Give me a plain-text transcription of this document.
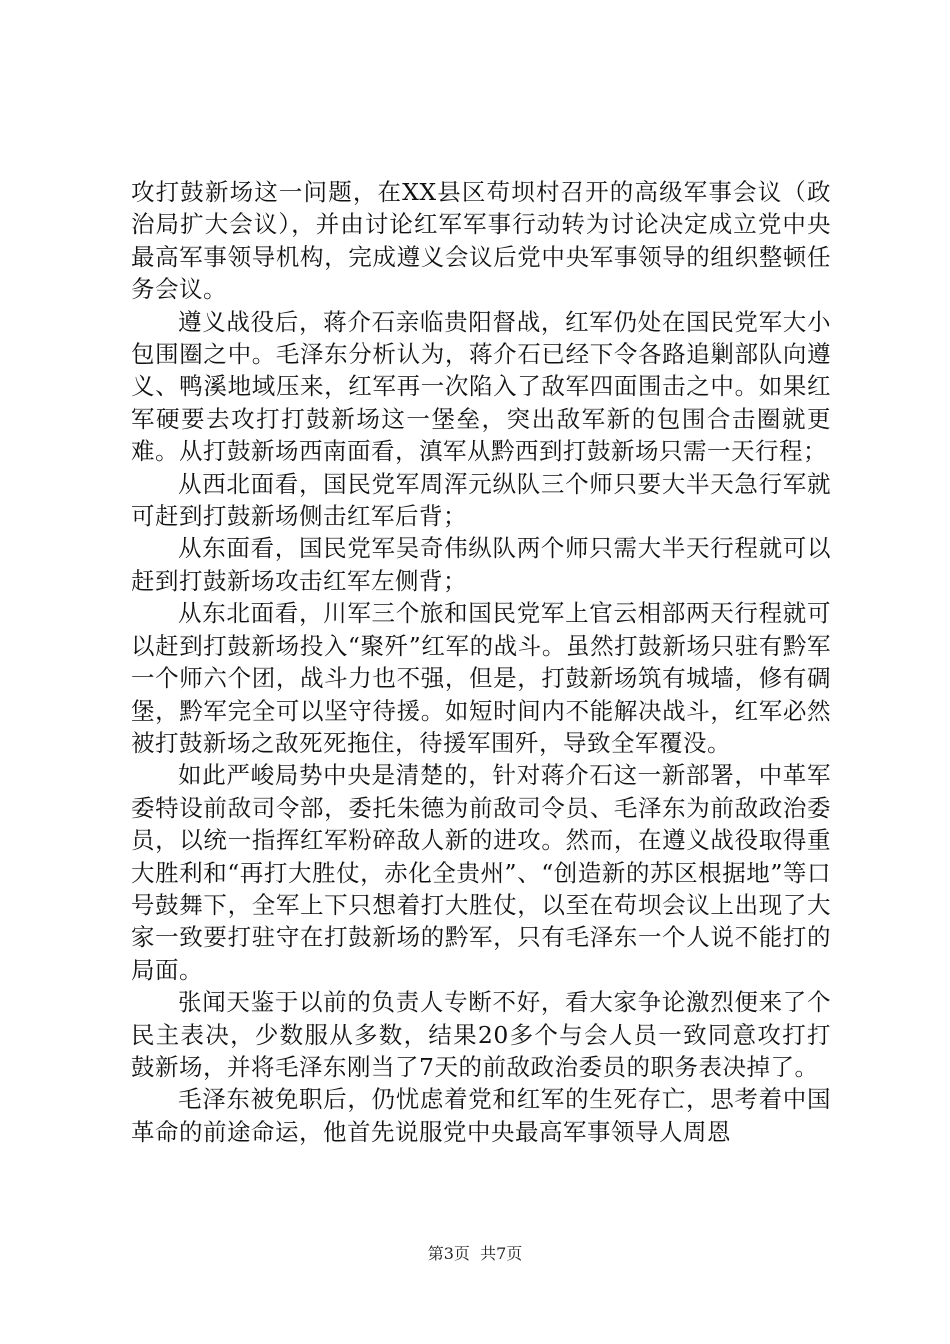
攻打鼓新场这一问题，在XX县区苟坝村召开的高级军事会议（政治局扩大会议），并由讨论红军军事行动转为讨论决定成立党中央最高军事领导机构，完成遵义会议后党中央军事领导的组织整顿任务会议。

遵义战役后，蒋介石亲临贵阳督战，红军仍处在国民党军大小包围圈之中。毛泽东分析认为，蒋介石已经下令各路追剿部队向遵义、鸭溪地域压来，红军再一次陷入了敌军四面围击之中。如果红军硬要去攻打打鼓新场这一堡垒，突出敌军新的包围合击圈就更难。从打鼓新场西南面看，滇军从黔西到打鼓新场只需一天行程；

从西北面看，国民党军周浑元纵队三个师只要大半天急行军就可赶到打鼓新场侧击红军后背；

从东面看，国民党军吴奇伟纵队两个师只需大半天行程就可以赶到打鼓新场攻击红军左侧背；

从东北面看，川军三个旅和国民党军上官云相部两天行程就可以赶到打鼓新场投入“聚歼”红军的战斗。虽然打鼓新场只驻有黔军一个师六个团，战斗力也不强，但是，打鼓新场筑有城墙，修有碉堡，黔军完全可以坚守待援。如短时间内不能解决战斗，红军必然被打鼓新场之敌死死拖住，待援军围歼，导致全军覆没。

如此严峻局势中央是清楚的，针对蒋介石这一新部署，中革军委特设前敌司令部，委托朱德为前敌司令员、毛泽东为前敌政治委员，以统一指挥红军粉碎敌人新的进攻。然而，在遵义战役取得重大胜利和“再打大胜仗，赤化全贵州”、“创造新的苏区根据地”等口号鼓舞下，全军上下只想着打大胜仗，以至在苟坝会议上出现了大家一致要打驻守在打鼓新场的黔军，只有毛泽东一个人说不能打的局面。

张闻天鉴于以前的负责人专断不好，看大家争论激烈便来了个民主表决，少数服从多数，结果20多个与会人员一致同意攻打打鼓新场，并将毛泽东刚当了7天的前敌政治委员的职务表决掉了。

毛泽东被免职后，仍忧虑着党和红军的生死存亡，思考着中国革命的前途命运，他首先说服党中央最高军事领导人周恩

第3页 共7页
